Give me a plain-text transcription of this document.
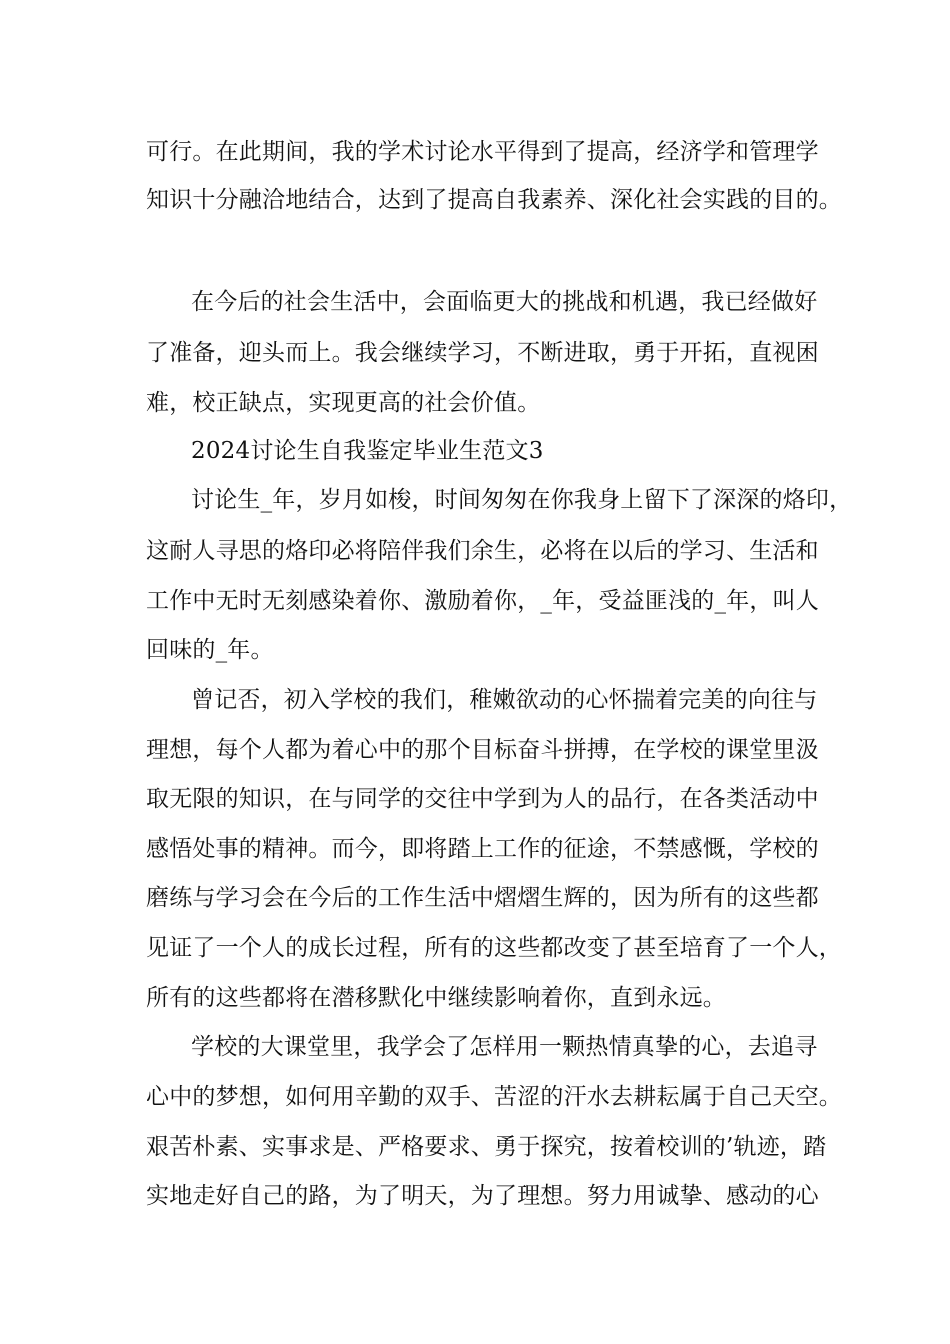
可行。在此期间，我的学术讨论水平得到了提高，经济学和管理学
知识十分融洽地结合，达到了提高自我素养、深化社会实践的目的。
在今后的社会生活中，会面临更大的挑战和机遇，我已经做好
了准备，迎头而上。我会继续学习，不断进取，勇于开拓，直视困
难，校正缺点，实现更高的社会价值。
2024讨论生自我鉴定毕业生范文3
讨论生_年，岁月如梭，时间匆匆在你我身上留下了深深的烙印，
这耐人寻思的烙印必将陪伴我们余生，必将在以后的学习、生活和
工作中无时无刻感染着你、激励着你，_年，受益匪浅的_年，叫人
回味的_年。
曾记否，初入学校的我们，稚嫩欲动的心怀揣着完美的向往与
理想，每个人都为着心中的那个目标奋斗拼搏，在学校的课堂里汲
取无限的知识，在与同学的交往中学到为人的品行，在各类活动中
感悟处事的精神。而今，即将踏上工作的征途，不禁感慨，学校的
磨练与学习会在今后的工作生活中熠熠生辉的，因为所有的这些都
见证了一个人的成长过程，所有的这些都改变了甚至培育了一个人，
所有的这些都将在潜移默化中继续影响着你，直到永远。
学校的大课堂里，我学会了怎样用一颗热情真挚的心，去追寻
心中的梦想，如何用辛勤的双手、苦涩的汗水去耕耘属于自己天空。
艰苦朴素、实事求是、严格要求、勇于探究，按着校训的’轨迹，踏
实地走好自己的路，为了明天，为了理想。努力用诚挚、感动的心
